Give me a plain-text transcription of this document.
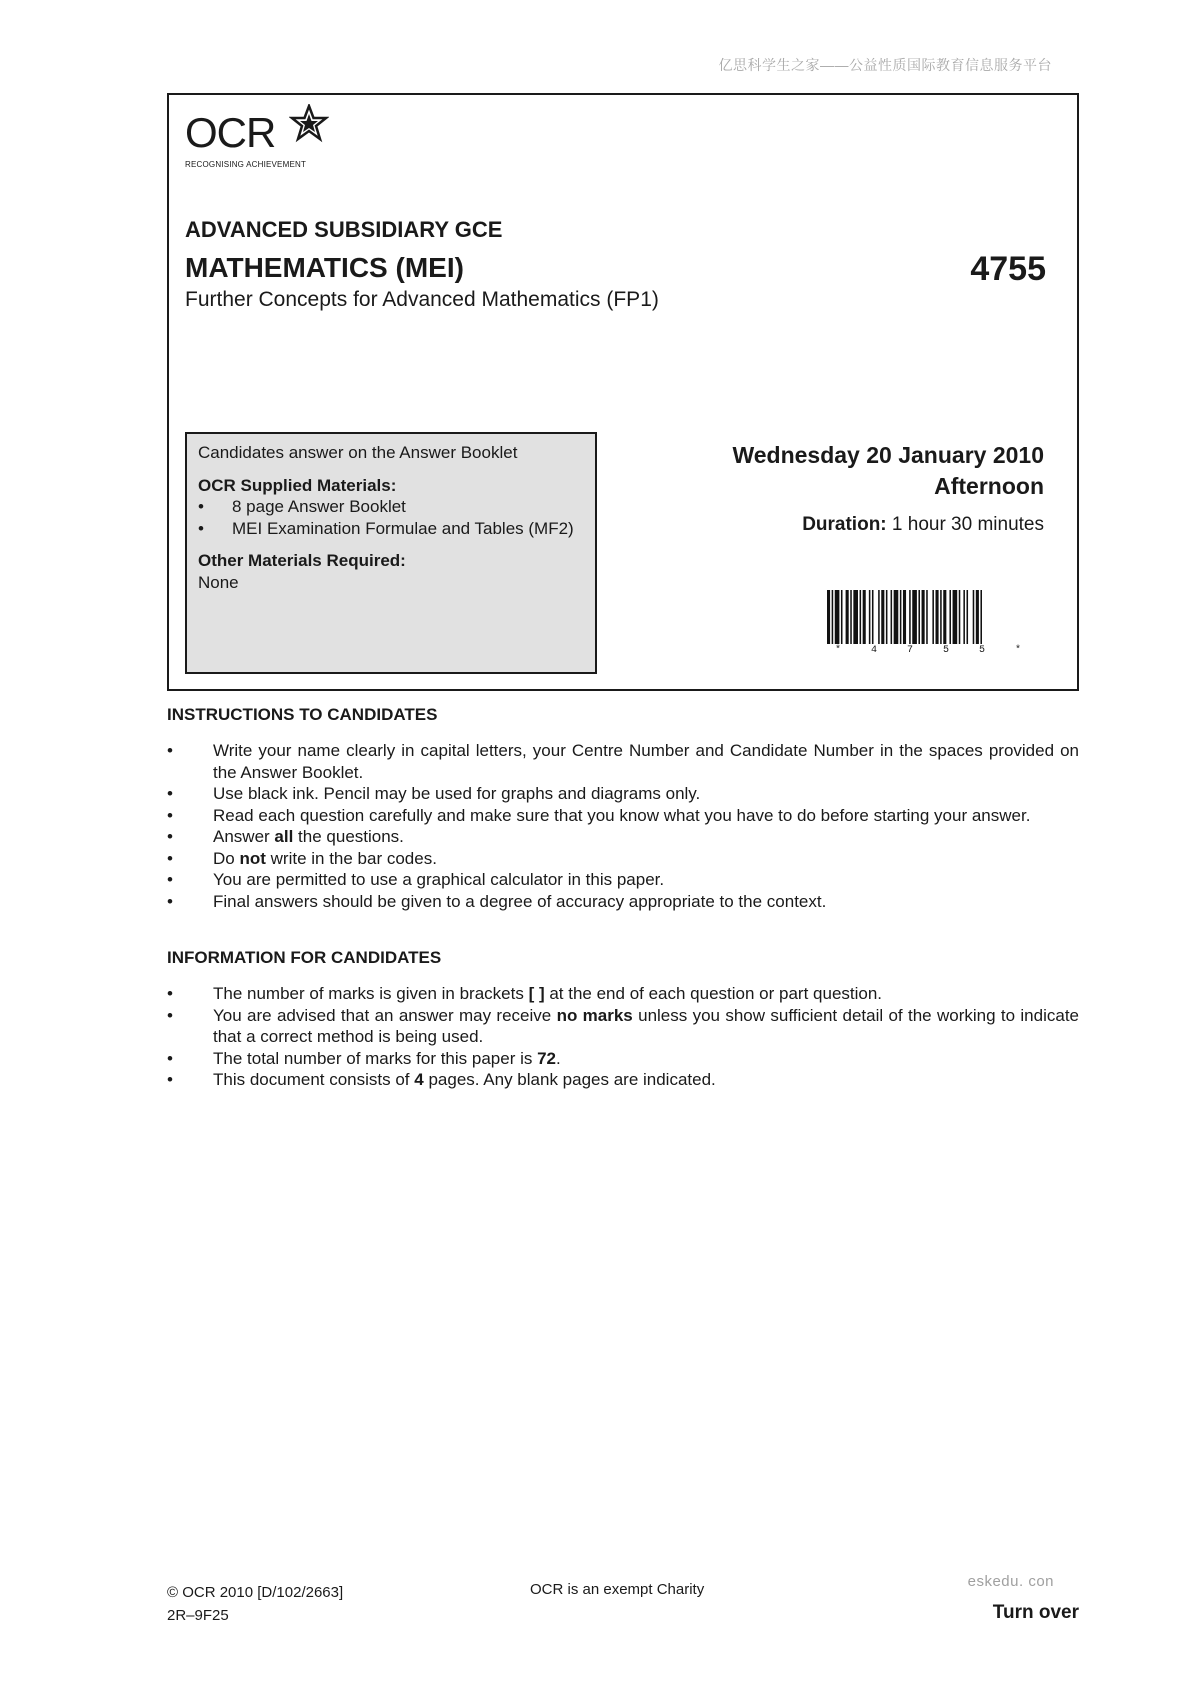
亿思科学生之家——公益性质国际教育信息服务平台
OCR
RECOGNISING ACHIEVEMENT
ADVANCED SUBSIDIARY GCE
MATHEMATICS (MEI)	4755
Further Concepts for Advanced Mathematics (FP1)
Candidates answer on the Answer Booklet
OCR Supplied Materials:
•	8 page Answer Booklet
•	MEI Examination Formulae and Tables (MF2)
Other Materials Required:
None
Wednesday 20 January 2010
Afternoon
Duration: 1 hour 30 minutes
* 4 7 5 5 *
INSTRUCTIONS TO CANDIDATES
•	Write your name clearly in capital letters, your Centre Number and Candidate Number in the spaces provided on the Answer Booklet.
•	Use black ink. Pencil may be used for graphs and diagrams only.
•	Read each question carefully and make sure that you know what you have to do before starting your answer.
•	Answer all the questions.
•	Do not write in the bar codes.
•	You are permitted to use a graphical calculator in this paper.
•	Final answers should be given to a degree of accuracy appropriate to the context.
INFORMATION FOR CANDIDATES
•	The number of marks is given in brackets [ ] at the end of each question or part question.
•	You are advised that an answer may receive no marks unless you show sufficient detail of the working to indicate that a correct method is being used.
•	The total number of marks for this paper is 72.
•	This document consists of 4 pages. Any blank pages are indicated.
© OCR 2010 [D/102/2663]
2R–9F25
OCR is an exempt Charity	eskedu. con
Turn over
